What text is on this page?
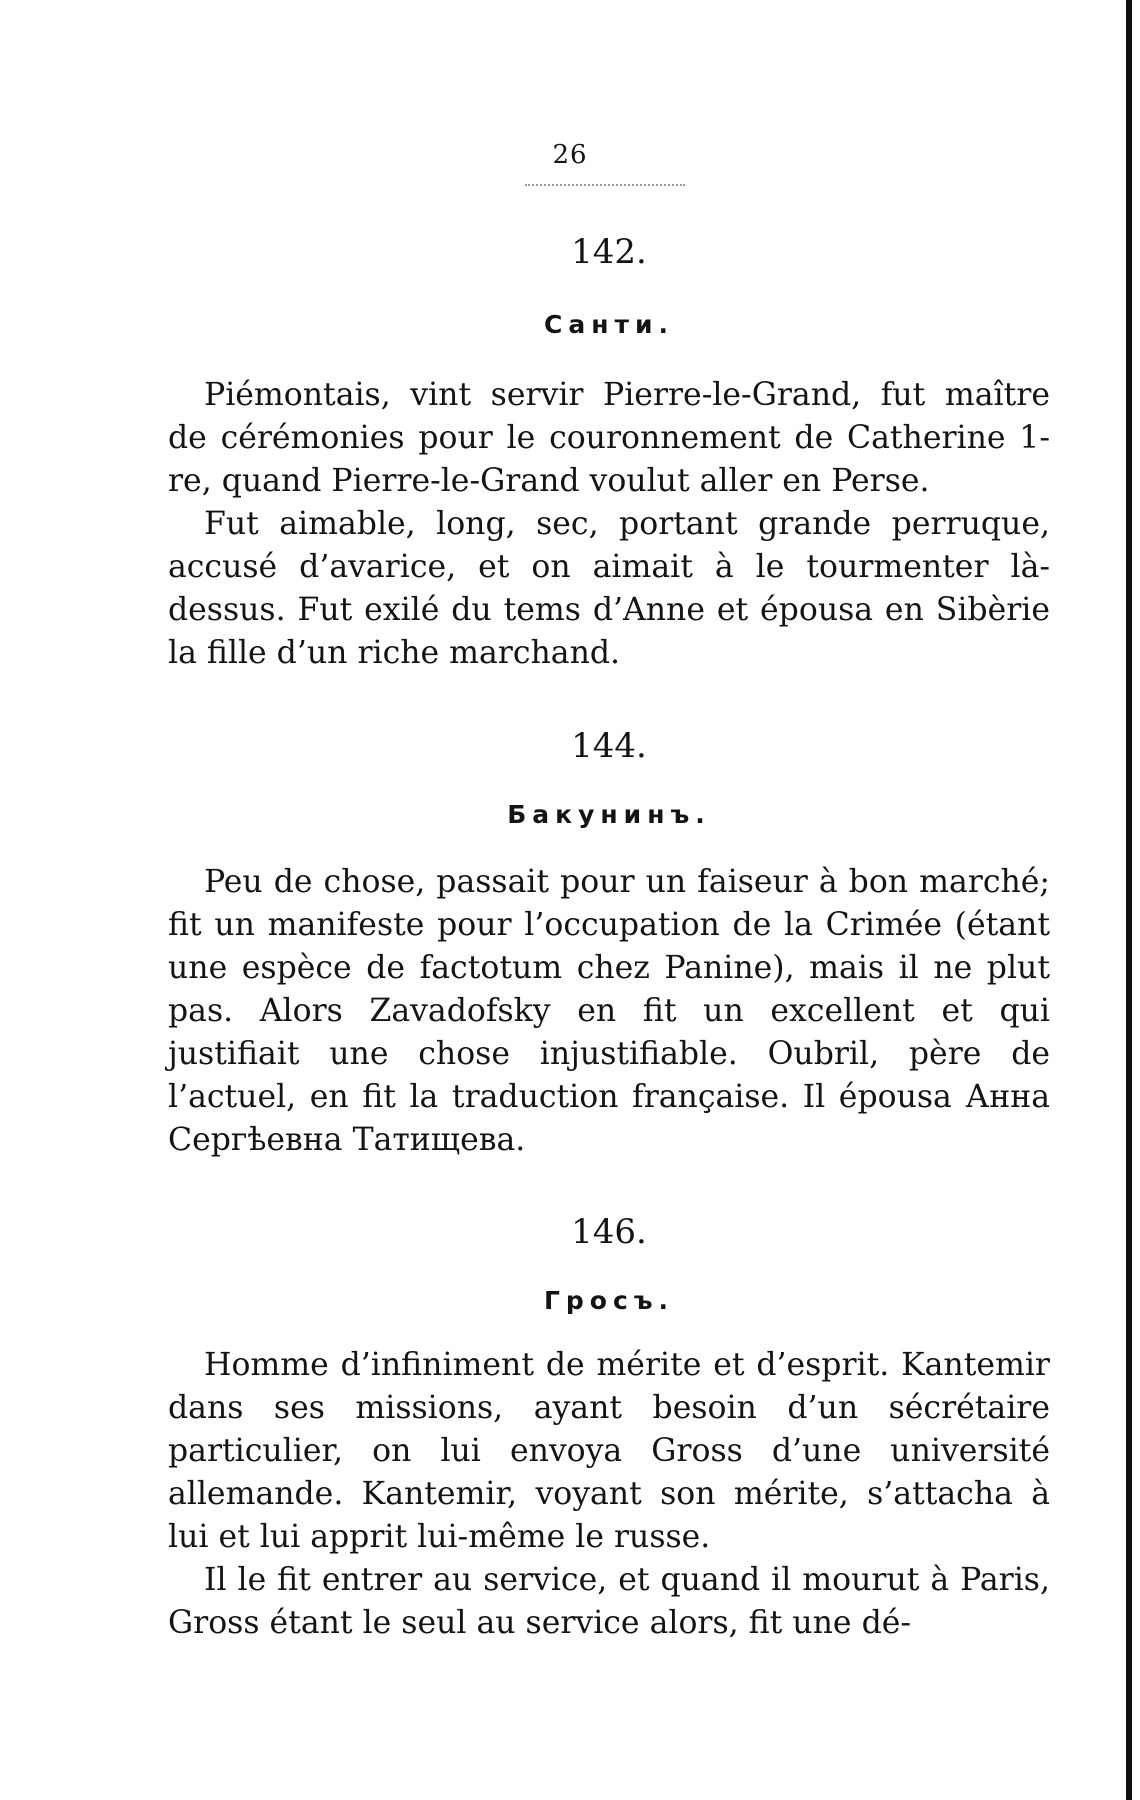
26

142.

Санти.

Piémontais, vint servir Pierre-le-Grand, fut maître de cérémonies pour le couronnement de Catherine 1-re, quand Pierre-le-Grand voulut aller en Perse.

Fut aimable, long, sec, portant grande perruque, accusé d’avarice, et on aimait à le tourmenter là-dessus. Fut exilé du tems d’Anne et épousa en Sibèrie la fille d’un riche marchand.

144.

Бакунинъ.

Peu de chose, passait pour un faiseur à bon marché; fit un manifeste pour l’occupation de la Crimée (étant une espèce de factotum chez Panine), mais il ne plut pas. Alors Zavadofsky en fit un excellent et qui justifiait une chose injustifiable. Oubril, père de l’actuel, en fit la traduction française. Il épousa Анна Сергѣевна Татищева.

146.

Гросъ.

Homme d’infiniment de mérite et d’esprit. Kantemir dans ses missions, ayant besoin d’un sécrétaire particulier, on lui envoya Gross d’une université allemande. Kantemir, voyant son mérite, s’attacha à lui et lui apprit lui-même le russe.

Il le fit entrer au service, et quand il mourut à Paris, Gross étant le seul au service alors, fit une dé-
